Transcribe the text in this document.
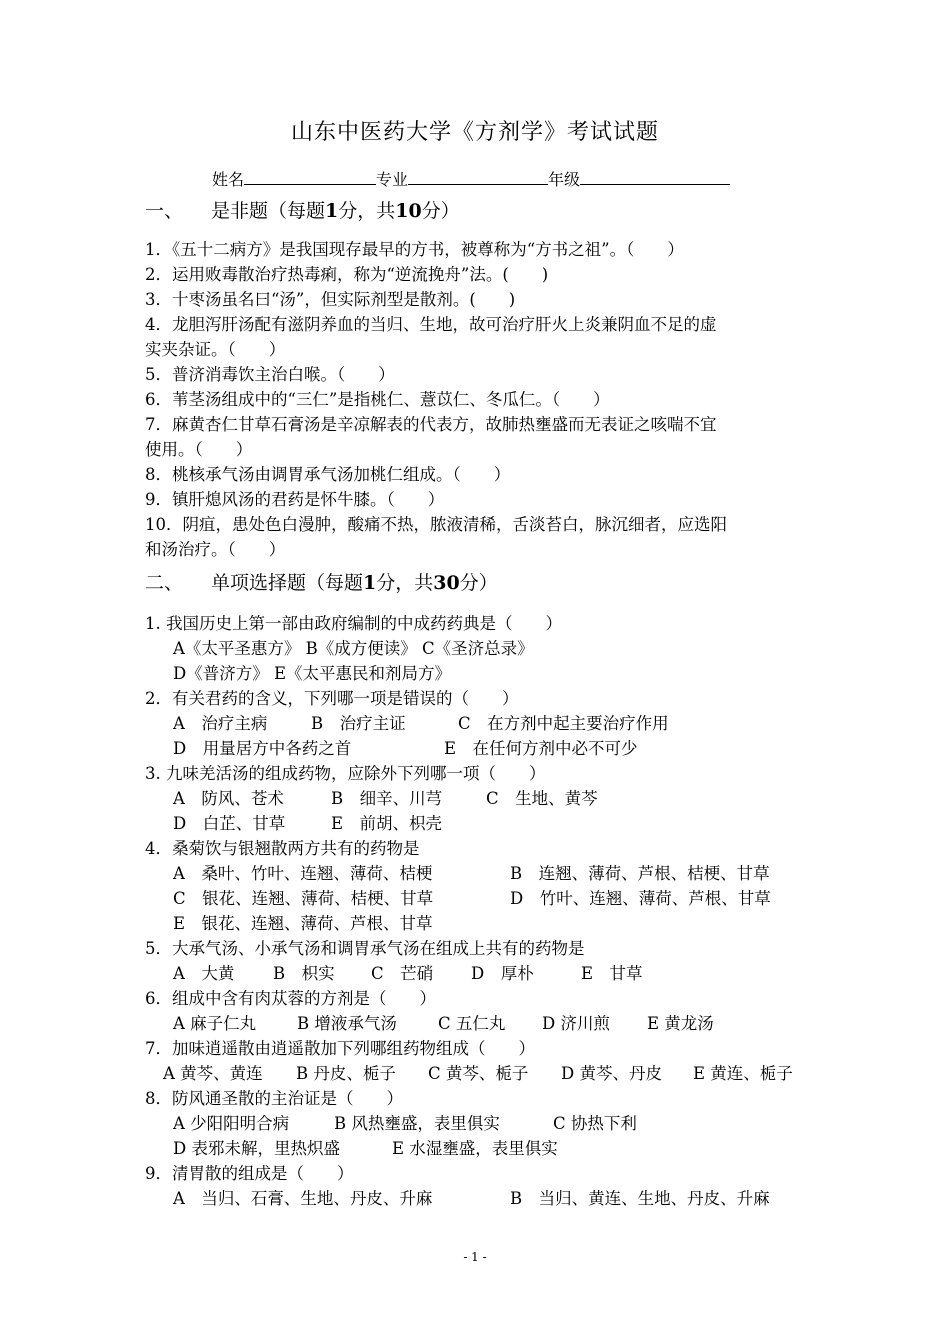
山东中医药大学《方剂学》考试试题
姓名	专业	年级
一、 是非题（每题1分，共10分）
1．《五十二病方》是我国现存最早的方书，被尊称为“方书之祖”。（　　）
2．运用败毒散治疗热毒痢，称为“逆流挽舟”法。(　　)
3．十枣汤虽名曰“汤”，但实际剂型是散剂。(　　)
4．龙胆泻肝汤配有滋阴养血的当归、生地，故可治疗肝火上炎兼阴血不足的虚
实夹杂证。（　　）
5．普济消毒饮主治白喉。（　　）
6．苇茎汤组成中的“三仁”是指桃仁、薏苡仁、冬瓜仁。（　　）
7．麻黄杏仁甘草石膏汤是辛凉解表的代表方，故肺热壅盛而无表证之咳喘不宜
使用。（　　）
8．桃核承气汤由调胃承气汤加桃仁组成。（　　）
9．镇肝熄风汤的君药是怀牛膝。（　　）
10．阴疽，患处色白漫肿，酸痛不热，脓液清稀，舌淡苔白，脉沉细者，应选阳
和汤治疗。（　　）
二、 单项选择题（每题1分，共30分）
1. 我国历史上第一部由政府编制的中成药药典是（　　）
A《太平圣惠方》 B《成方便读》 C《圣济总录》
D《普济方》 E《太平惠民和剂局方》
2．有关君药的含义，下列哪一项是错误的（　　）
A　治疗主病	B　治疗主证	C　在方剂中起主要治疗作用
D　用量居方中各药之首	E　在任何方剂中必不可少
3. 九味羌活汤的组成药物，应除外下列哪一项（　　）
A　防风、苍术	B　细辛、川芎	C　生地、黄芩
D　白芷、甘草	E　前胡、枳壳
4．桑菊饮与银翘散两方共有的药物是
A　桑叶、竹叶、连翘、薄荷、桔梗	B　连翘、薄荷、芦根、桔梗、甘草
C　银花、连翘、薄荷、桔梗、甘草	D　竹叶、连翘、薄荷、芦根、甘草
E　银花、连翘、薄荷、芦根、甘草
5．大承气汤、小承气汤和调胃承气汤在组成上共有的药物是
A　大黄 B　枳实 C　芒硝 D　厚朴	E　甘草
6．组成中含有肉苁蓉的方剂是（　　）
A 麻子仁丸 B 增液承气汤 C 五仁丸 D 济川煎 E 黄龙汤
7．加味逍遥散由逍遥散加下列哪组药物组成（　　）
A 黄芩、黄连 B 丹皮、栀子 C 黄芩、栀子 D 黄芩、丹皮 E 黄连、栀子
8．防风通圣散的主治证是（　　）
A 少阳阳明合病	B 风热壅盛，表里俱实	C 协热下利
D 表邪未解，里热炽盛	E 水湿壅盛，表里俱实
9．清胃散的组成是（　　）
A　当归、石膏、生地、丹皮、升麻	B　当归、黄连、生地、丹皮、升麻
- 1 -
